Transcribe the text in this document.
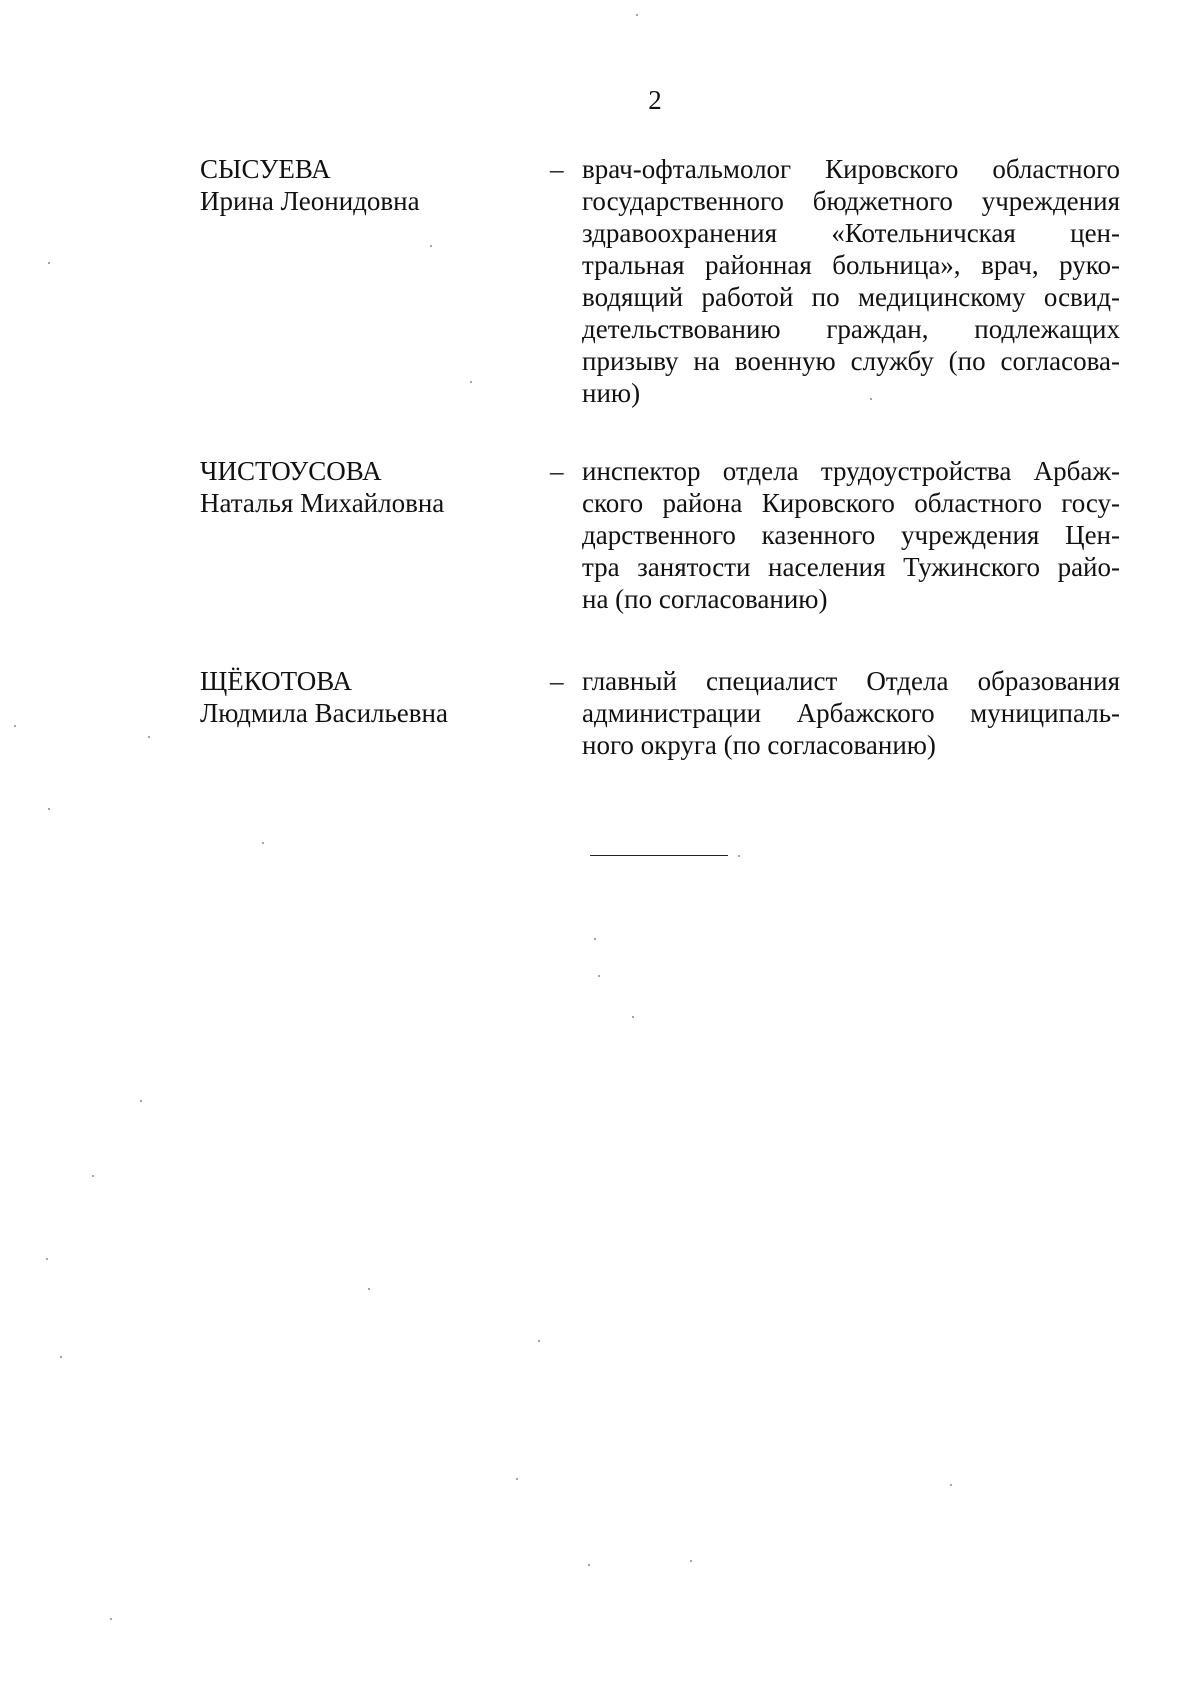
2
СЫСУЕВА
Ирина Леонидовна
– врач-офтальмолог Кировского областного
государственного бюджетного учреждения
здравоохранения «Котельничская цен-
тральная районная больница», врач, руко-
водящий работой по медицинскому освид-
детельствованию граждан, подлежащих
призыву на военную службу (по согласова-
нию)
ЧИСТОУСОВА
Наталья Михайловна
– инспектор отдела трудоустройства Арбаж-
ского района Кировского областного госу-
дарственного казенного учреждения Цен-
тра занятости населения Тужинского райо-
на (по согласованию)
ЩЁКОТОВА
Людмила Васильевна
– главный специалист Отдела образования
администрации Арбажского муниципаль-
ного округа (по согласованию)
